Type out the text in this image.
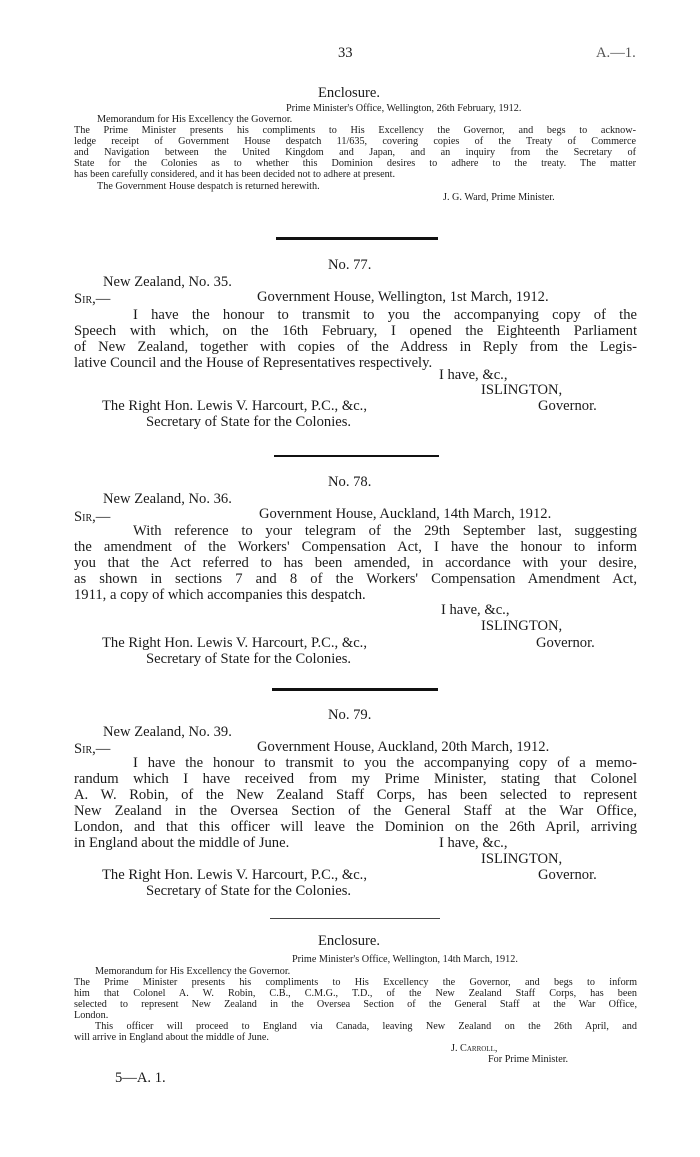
33	A.—1.
Enclosure.
Prime Minister's Office, Wellington, 26th February, 1912.
Memorandum for His Excellency the Governor.
The Prime Minister presents his compliments to His Excellency the Governor, and begs to acknow-
ledge receipt of Government House despatch 11/635, covering copies of the Treaty of Commerce
and Navigation between the United Kingdom and Japan, and an inquiry from the Secretary of
State for the Colonies as to whether this Dominion desires to adhere to the treaty. The matter
has been carefully considered, and it has been decided not to adhere at present.
The Government House despatch is returned herewith.
J. G. Ward, Prime Minister.
No. 77.
New Zealand, No. 35.
Sir,—	Government House, Wellington, 1st March, 1912.
I have the honour to transmit to you the accompanying copy of the
Speech with which, on the 16th February, I opened the Eighteenth Parliament
of New Zealand, together with copies of the Address in Reply from the Legis-
lative Council and the House of Representatives respectively.
I have, &c.,
ISLINGTON,
The Right Hon. Lewis V. Harcourt, P.C., &c.,	Governor.
Secretary of State for the Colonies.
No. 78.
New Zealand, No. 36.
Sir,—	Government House, Auckland, 14th March, 1912.
With reference to your telegram of the 29th September last, suggesting
the amendment of the Workers' Compensation Act, I have the honour to inform
you that the Act referred to has been amended, in accordance with your desire,
as shown in sections 7 and 8 of the Workers' Compensation Amendment Act,
1911, a copy of which accompanies this despatch.
I have, &c.,
ISLINGTON,
The Right Hon. Lewis V. Harcourt, P.C., &c.,	Governor.
Secretary of State for the Colonies.
No. 79.
New Zealand, No. 39.
Sir,—	Government House, Auckland, 20th March, 1912.
I have the honour to transmit to you the accompanying copy of a memo-
randum which I have received from my Prime Minister, stating that Colonel
A. W. Robin, of the New Zealand Staff Corps, has been selected to represent
New Zealand in the Oversea Section of the General Staff at the War Office,
London, and that this officer will leave the Dominion on the 26th April, arriving
in England about the middle of June.	I have, &c.,
ISLINGTON,
The Right Hon. Lewis V. Harcourt, P.C., &c.,	Governor.
Secretary of State for the Colonies.
Enclosure.
Prime Minister's Office, Wellington, 14th March, 1912.
Memorandum for His Excellency the Governor.
The Prime Minister presents his compliments to His Excellency the Governor, and begs to inform
him that Colonel A. W. Robin, C.B., C.M.G., T.D., of the New Zealand Staff Corps, has been
selected to represent New Zealand in the Oversea Section of the General Staff at the War Office,
London.
This officer will proceed to England via Canada, leaving New Zealand on the 26th April, and
will arrive in England about the middle of June.
J. Carroll,
For Prime Minister.
5—A. 1.
